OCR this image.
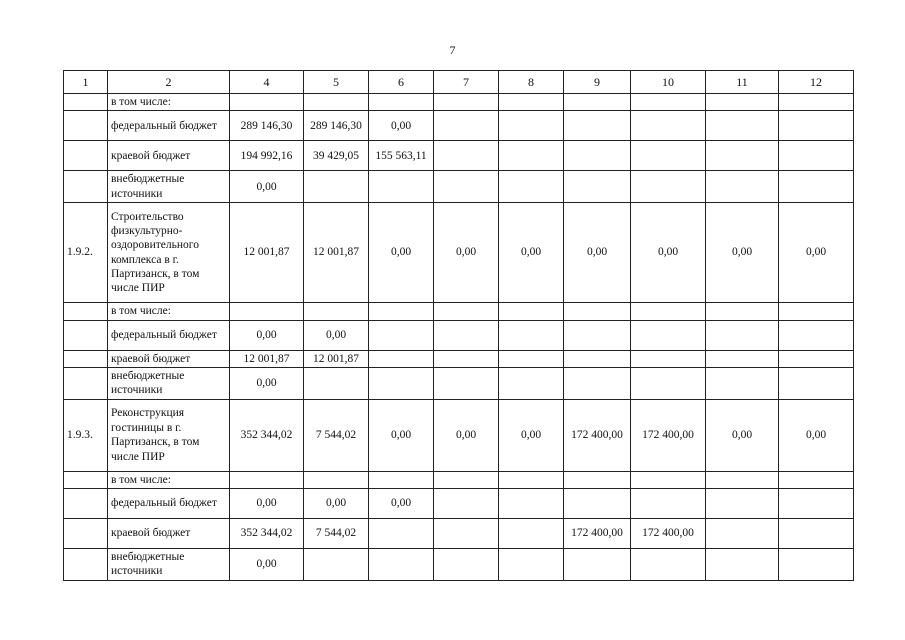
7
1	2	4	5	6	7	8	9	10	11	12
	в том числе:									
	федеральный бюджет	289 146,30	289 146,30	0,00						
	краевой бюджет	194 992,16	39 429,05	155 563,11						
	внебюджетные источники	0,00								
1.9.2.	Строительство физкультурно-оздоровительного комплекса в г. Партизанск, в том числе ПИР	12 001,87	12 001,87	0,00	0,00	0,00	0,00	0,00	0,00	0,00
	в том числе:									
	федеральный бюджет	0,00	0,00							
	краевой бюджет	12 001,87	12 001,87							
	внебюджетные источники	0,00								
1.9.3.	Реконструкция гостиницы в г. Партизанск, в том числе ПИР	352 344,02	7 544,02	0,00	0,00	0,00	172 400,00	172 400,00	0,00	0,00
	в том числе:									
	федеральный бюджет	0,00	0,00	0,00						
	краевой бюджет	352 344,02	7 544,02				172 400,00	172 400,00		
	внебюджетные источники	0,00								
